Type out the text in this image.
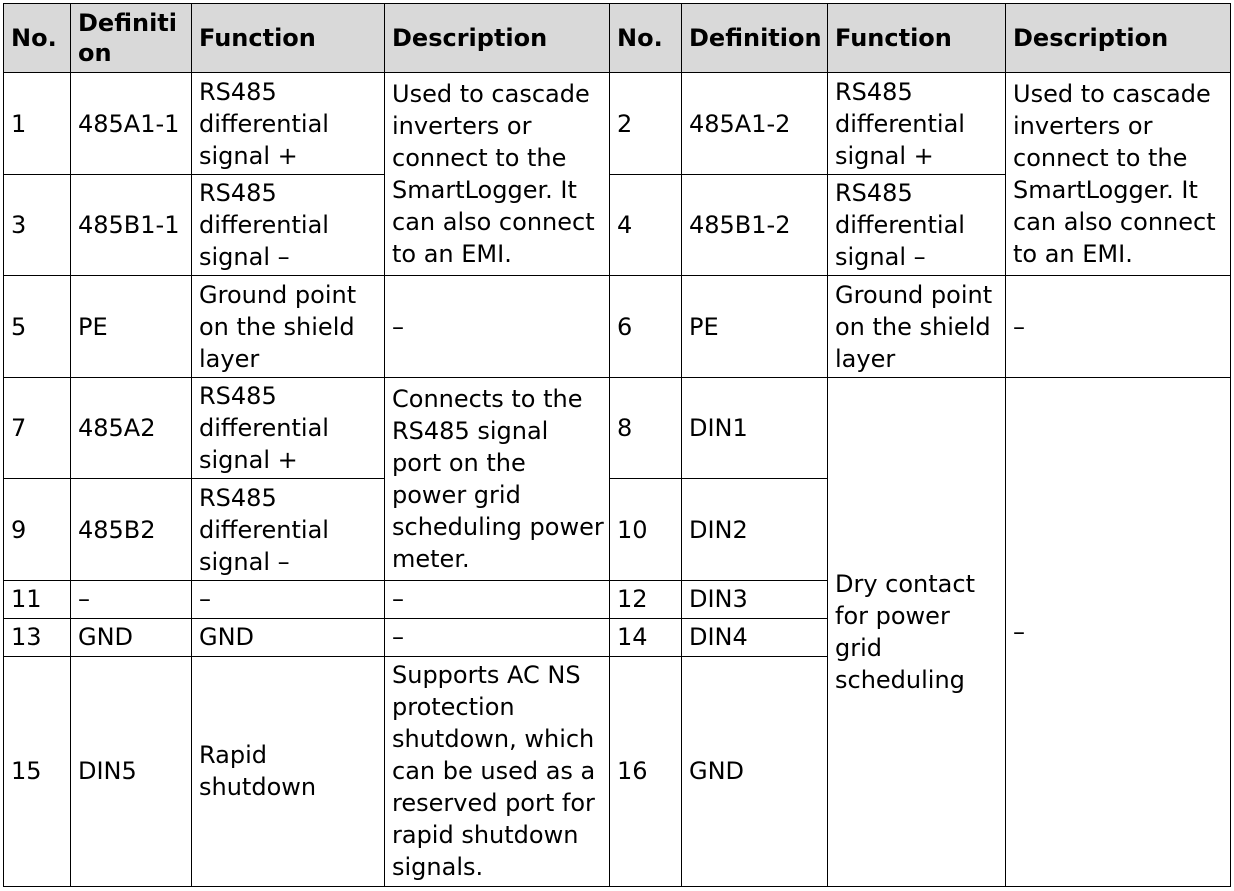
No.	Definition	Function	Description	No.	Definition	Function	Description
1	485A1-1	RS485 differential signal +	Used to cascade inverters or connect to the SmartLogger. It can also connect to an EMI.	2	485A1-2	RS485 differential signal +	Used to cascade inverters or connect to the SmartLogger. It can also connect to an EMI.
3	485B1-1	RS485 differential signal –		4	485B1-2	RS485 differential signal –	
5	PE	Ground point on the shield layer	–	6	PE	Ground point on the shield layer	–
7	485A2	RS485 differential signal +	Connects to the RS485 signal port on the power grid scheduling power meter.	8	DIN1	Dry contact for power grid scheduling	–
9	485B2	RS485 differential signal –		10	DIN2		
11	–	–	–	12	DIN3		
13	GND	GND	–	14	DIN4		
15	DIN5	Rapid shutdown	Supports AC NS protection shutdown, which can be used as a reserved port for rapid shutdown signals.	16	GND		
